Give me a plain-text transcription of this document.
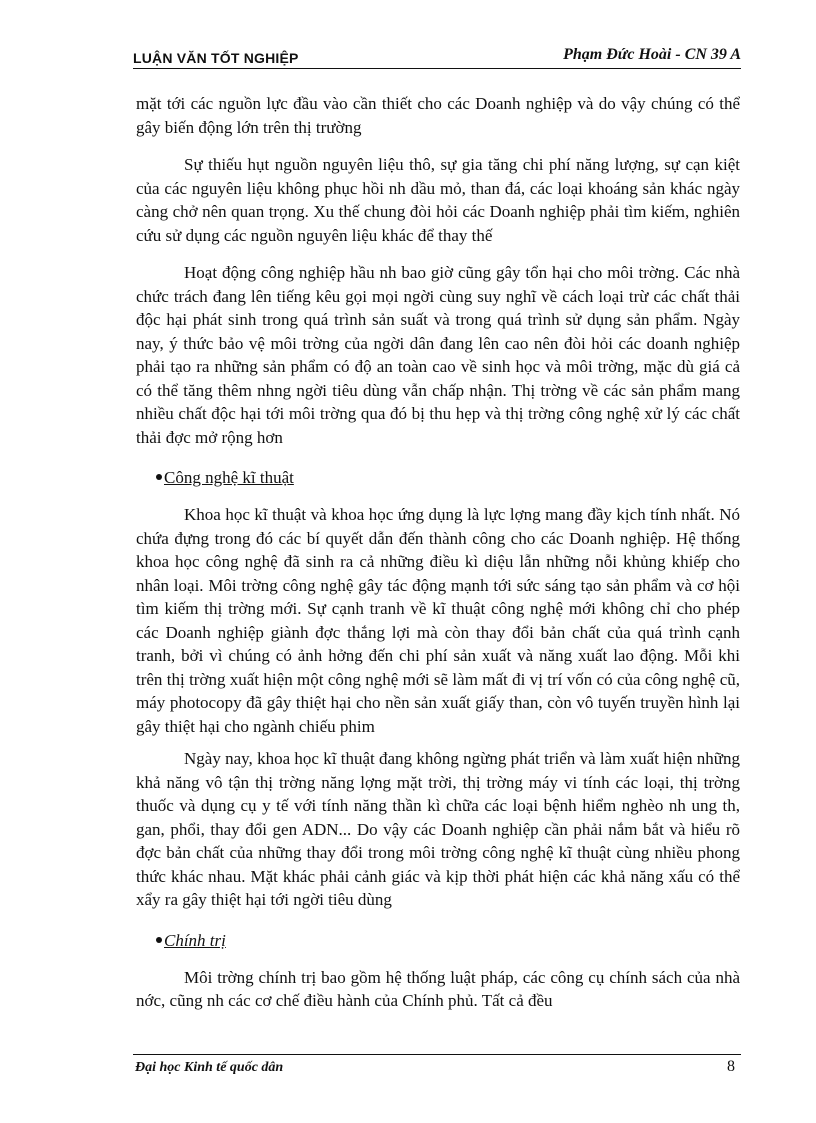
LUẬN VĂN TỐT NGHIỆP	Phạm Đức Hoài - CN 39 A

mặt tới các nguồn lực đầu vào cần thiết cho các Doanh nghiệp và do vậy chúng có thể gây biến động lớn trên thị trường

Sự thiếu hụt nguồn nguyên liệu thô, sự gia tăng chi phí năng lượng, sự cạn kiệt của các nguyên liệu không phục hồi nh dầu mỏ, than đá, các loại khoáng sản khác ngày càng chở nên quan trọng. Xu thế chung đòi hỏi các Doanh nghiệp phải tìm kiếm, nghiên cứu sử dụng các nguồn nguyên liệu khác để thay thế

Hoạt động công nghiệp hầu nh bao giờ cũng gây tổn hại cho môi trờng. Các nhà chức trách đang lên tiếng kêu gọi mọi ngời cùng suy nghĩ về cách loại trừ các chất thải độc hại phát sinh trong quá trình sản suất và trong quá trình sử dụng sản phẩm. Ngày nay, ý thức bảo vệ môi trờng của ngời dân đang lên cao nên đòi hỏi các doanh nghiệp phải tạo ra những sản phẩm có độ an toàn cao về sinh học và môi trờng, mặc dù giá cả có thể tăng thêm nhng ngời tiêu dùng vẫn chấp nhận. Thị trờng về các sản phẩm mang nhiều chất độc hại tới môi trờng qua đó bị thu hẹp và thị trờng công nghệ xử lý các chất thải đợc mở rộng hơn

Công nghệ kĩ thuật

Khoa học kĩ thuật và khoa học ứng dụng là lực lợng mang đầy kịch tính nhất. Nó chứa đựng trong đó các bí quyết dẫn đến thành công cho các Doanh nghiệp. Hệ thống khoa học công nghệ đã sinh ra cả những điều kì diệu lẫn những nỗi khủng khiếp cho nhân loại. Môi trờng công nghệ gây tác động mạnh tới sức sáng tạo sản phẩm và cơ hội tìm kiếm thị trờng mới. Sự cạnh tranh về kĩ thuật công nghệ mới không chỉ cho phép các Doanh nghiệp giành đợc thắng lợi mà còn thay đổi bản chất của quá trình cạnh tranh, bởi vì chúng có ảnh hởng đến chi phí sản xuất và năng xuất lao động. Mỗi khi trên thị trờng xuất hiện một công nghệ mới sẽ làm mất đi vị trí vốn có của công nghệ cũ, máy photocopy đã gây thiệt hại cho nền sản xuất giấy than, còn vô tuyến truyền hình lại gây thiệt hại cho ngành chiếu phim

Ngày nay, khoa học kĩ thuật đang không ngừng phát triển và làm xuất hiện những khả năng vô tận thị trờng năng lợng mặt trời, thị trờng máy vi tính các loại, thị trờng thuốc và dụng cụ y tế với tính năng thần kì chữa các loại bệnh hiểm nghèo nh ung th, gan, phổi, thay đổi gen ADN... Do vậy các Doanh nghiệp cần phải nắm bắt và hiểu rõ đợc bản chất của những thay đổi trong môi trờng công nghệ kĩ thuật cùng nhiều phong thức khác nhau. Mặt khác phải cảnh giác và kịp thời phát hiện các khả năng xấu có thể xẩy ra gây thiệt hại tới ngời tiêu dùng

Chính trị

Môi trờng chính trị bao gồm hệ thống luật pháp, các công cụ chính sách của nhà nớc, cũng nh các cơ chế điều hành của Chính phủ. Tất cả đều

Đại học Kinh tế quốc dân	8
